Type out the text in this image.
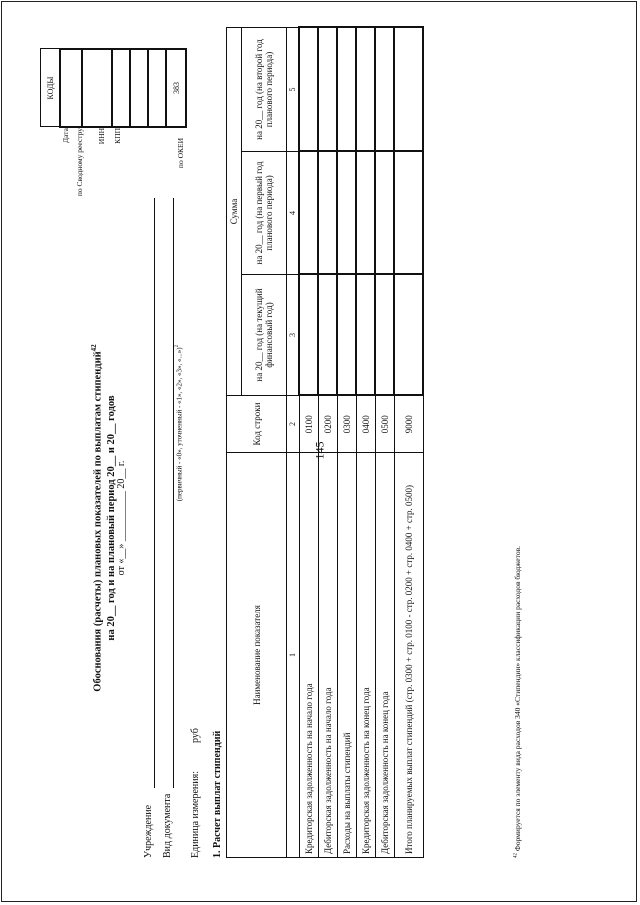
145
Обоснования (расчеты) плановых показателей по выплатам стипендий$^{42}$
на 20__ год и на плановый период 20__ и 20__ годов от «__» __________ 20__ г.
Учреждение Вид документа
(первичный - «0», уточненный - «1», «2», «3», «...»)$^2$
Единица измерения:
руб
Дата по Сводному реестру	ИНН КПП
по ОКЕИ
КОДЫ

383
1. Расчет выплат стипендий
Наименование показателя	Код строки	Сумма		
		на 20__ год (на текущий финансовый год)	на 20__ год (на первый год планового периода)	на 20__ год (на второй год планового периода)
1	2	3	4	5
Кредиторская задолженность на начало года	0100			
Дебиторская задолженность на начало года	0200			
Расходы на выплаты стипендий	0300			
Кредиторская задолженность на конец года	0400			
Дебиторская задолженность на конец года	0500			
Итого планируемых выплат стипендий (стр. 0300 + стр. 0100 - стр. 0200 + стр. 0400 + стр. 0500)	9000			
$^{42}$ Формируется по элементу вида расходов 340 «Стипендии» классификации расходов бюджетов.
